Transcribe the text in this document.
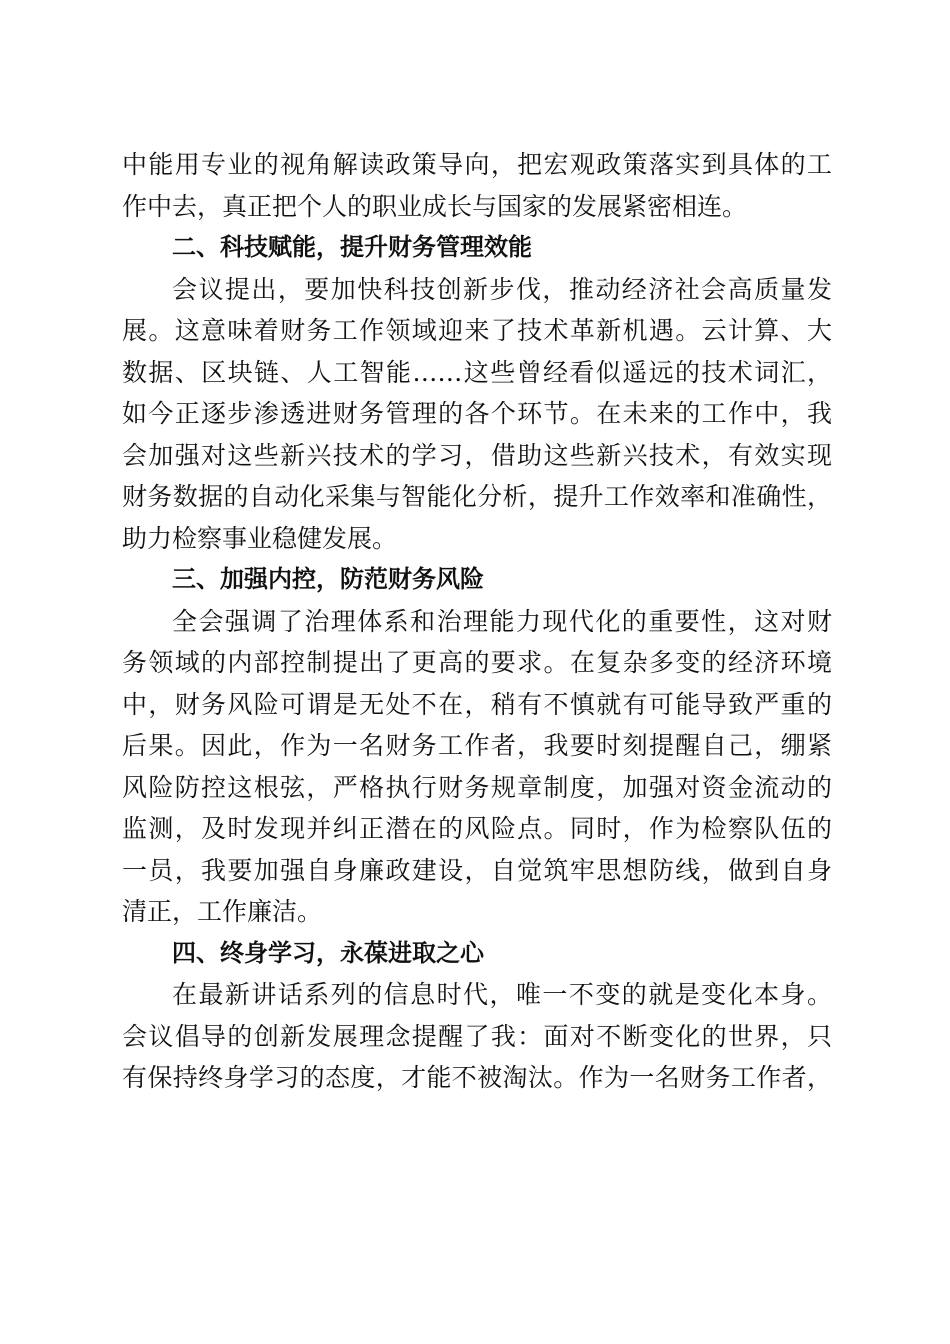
中能用专业的视角解读政策导向，把宏观政策落实到具体的工
作中去，真正把个人的职业成长与国家的发展紧密相连。
二、科技赋能，提升财务管理效能
会议提出，要加快科技创新步伐，推动经济社会高质量发
展。这意味着财务工作领域迎来了技术革新机遇。云计算、大
数据、区块链、人工智能……这些曾经看似遥远的技术词汇，
如今正逐步渗透进财务管理的各个环节。在未来的工作中，我
会加强对这些新兴技术的学习，借助这些新兴技术，有效实现
财务数据的自动化采集与智能化分析，提升工作效率和准确性，
助力检察事业稳健发展。
三、加强内控，防范财务风险
全会强调了治理体系和治理能力现代化的重要性，这对财
务领域的内部控制提出了更高的要求。在复杂多变的经济环境
中，财务风险可谓是无处不在，稍有不慎就有可能导致严重的
后果。因此，作为一名财务工作者，我要时刻提醒自己，绷紧
风险防控这根弦，严格执行财务规章制度，加强对资金流动的
监测，及时发现并纠正潜在的风险点。同时，作为检察队伍的
一员，我要加强自身廉政建设，自觉筑牢思想防线，做到自身
清正，工作廉洁。
四、终身学习，永葆进取之心
在最新讲话系列的信息时代，唯一不变的就是变化本身。
会议倡导的创新发展理念提醒了我：面对不断变化的世界，只
有保持终身学习的态度，才能不被淘汰。作为一名财务工作者，
